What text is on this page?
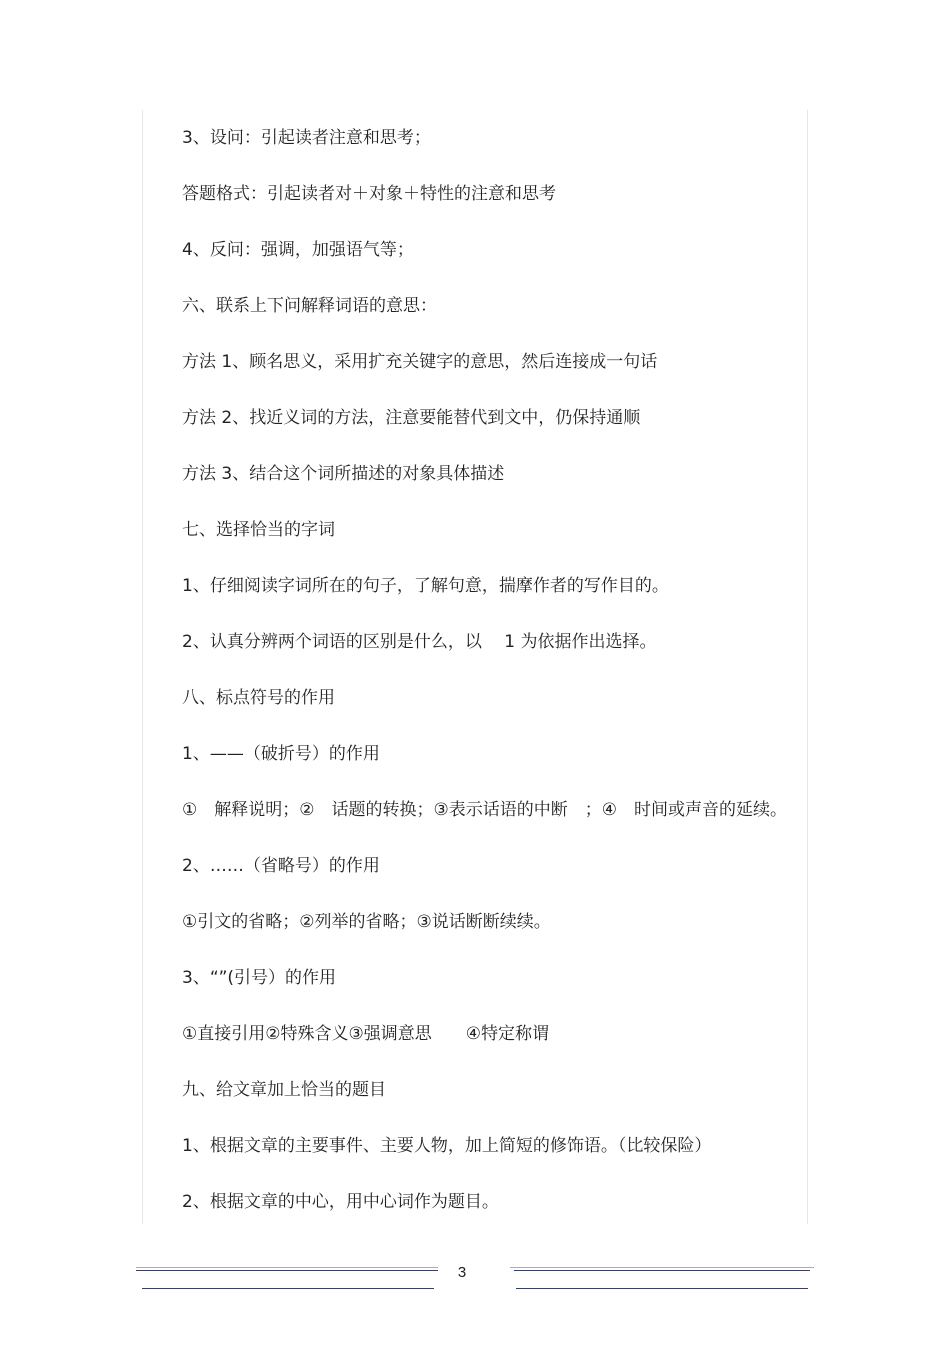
3、设问：引起读者注意和思考；
答题格式：引起读者对＋对象＋特性的注意和思考
4、反问：强调，加强语气等；
六、联系上下问解释词语的意思：
方法 1、顾名思义，采用扩充关键字的意思，然后连接成一句话
方法 2、找近义词的方法，注意要能替代到文中，仍保持通顺
方法 3、结合这个词所描述的对象具体描述
七、选择恰当的字词
1、仔细阅读字词所在的句子，了解句意，揣摩作者的写作目的。
2、认真分辨两个词语的区别是什么，以　 1 为依据作出选择。
八、标点符号的作用
1、——（破折号）的作用
①　解释说明；②　话题的转换；③表示话语的中断　；④　时间或声音的延续。
2、……（省略号）的作用
①引文的省略；②列举的省略；③说话断断续续。
3、“”(引号）的作用
①直接引用②特殊含义③强调意思　　④特定称谓
九、给文章加上恰当的题目
1、根据文章的主要事件、主要人物，加上简短的修饰语。（比较保险）
2、根据文章的中心，用中心词作为题目。
3
